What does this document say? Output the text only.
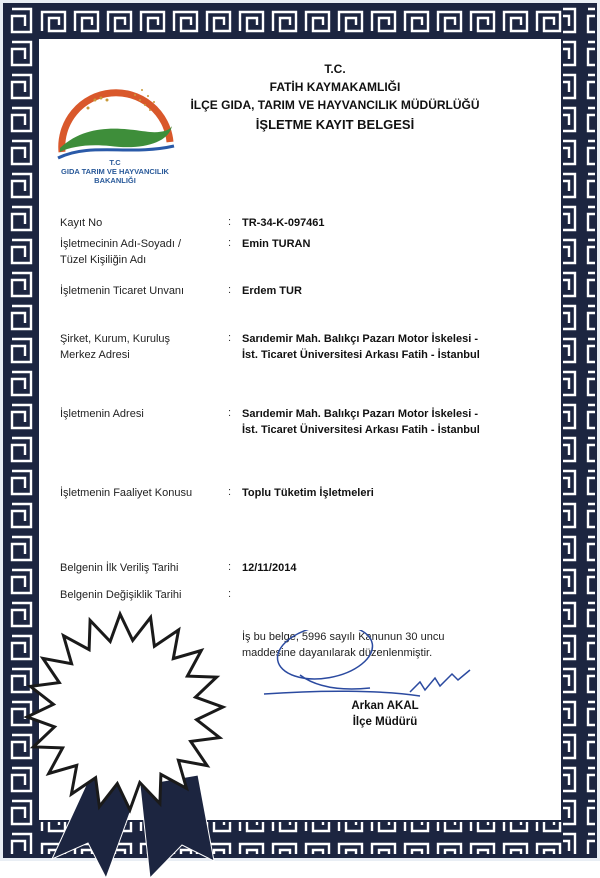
T.C
GIDA TARIM VE HAYVANCILIK
BAKANLIĞI
T.C.
FATİH KAYMAKAMLIĞI
İLÇE GIDA, TARIM VE HAYVANCILIK MÜDÜRLÜĞÜ
İŞLETME KAYIT BELGESİ
Kayıt No	: TR-34-K-097461
İşletmecinin Adı-Soyadı /
Tüzel Kişiliğin Adı
: Emin TURAN
İşletmenin Ticaret Unvanı	: Erdem TUR
Şirket, Kurum, Kuruluş
Merkez Adresi
: Sarıdemir Mah. Balıkçı Pazarı Motor İskelesi -
İst. Ticaret Üniversitesi Arkası Fatih - İstanbul
İşletmenin Adresi	: Sarıdemir Mah. Balıkçı Pazarı Motor İskelesi -
İst. Ticaret Üniversitesi Arkası Fatih - İstanbul
İşletmenin Faaliyet Konusu	: Toplu Tüketim İşletmeleri
Belgenin İlk Veriliş Tarihi	: 12/11/2014
Belgenin Değişiklik Tarihi	:
İş bu belge, 5996 sayılı Kanunun 30 uncu
maddesine dayanılarak düzenlenmiştir.
Arkan AKAL
İlçe Müdürü
